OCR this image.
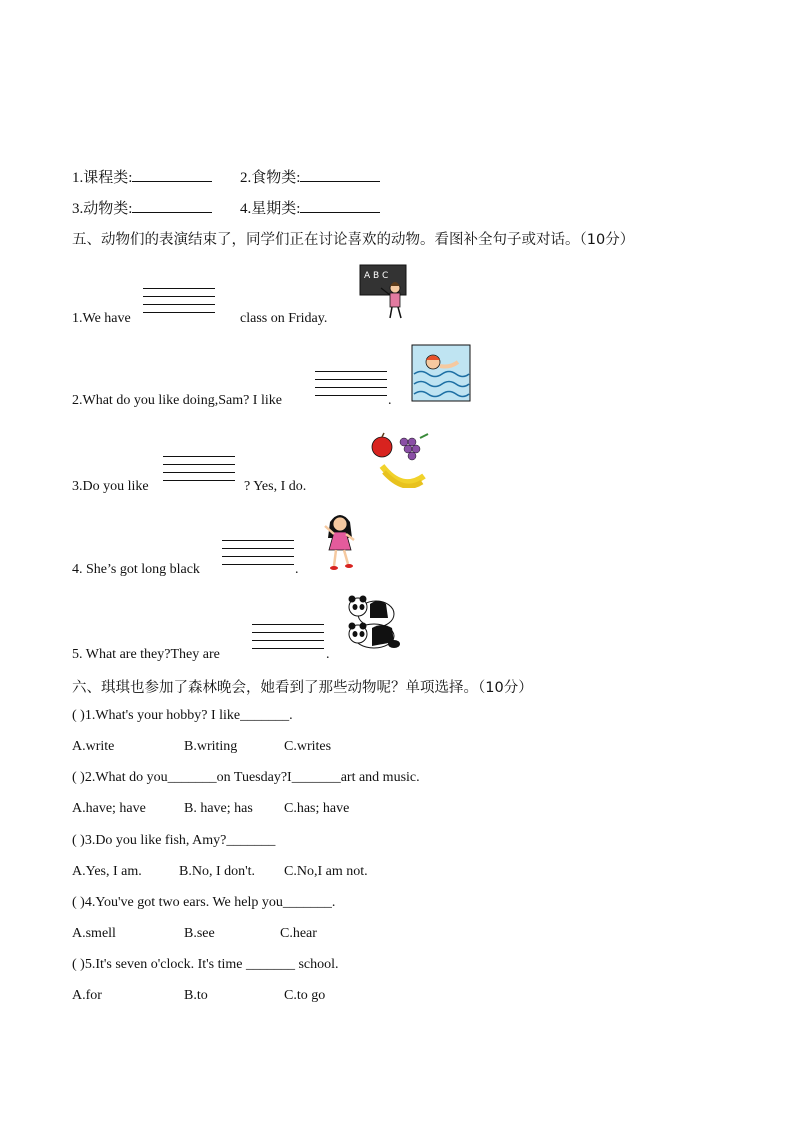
1.课程类:	2.食物类:
3.动物类:	4.星期类:
五、动物们的表演结束了，同学们正在讨论喜欢的动物。看图补全句子或对话。（10分）
1.We have	class on Friday.
A B C
2.What do you like doing,Sam? I like	.
3.Do you like	? Yes, I do.
4. She’s got long black	.
5. What are they?They are	.
六、琪琪也参加了森林晚会，她看到了那些动物呢？单项选择。（10分）
( )1.What's your hobby? I like_______.
A.write	B.writing	C.writes
( )2.What do you_______on Tuesday?I_______art and music.
A.have; have	B. have; has C.has; have
( )3.Do you like fish, Amy?_______
A.Yes, I am.	B.No, I don't. C.No,I am not.
( )4.You've got two ears. We help you_______.
A.smell	B.see	C.hear
( )5.It's seven o'clock. It's time _______ school.
A.for	B.to	C.to go
